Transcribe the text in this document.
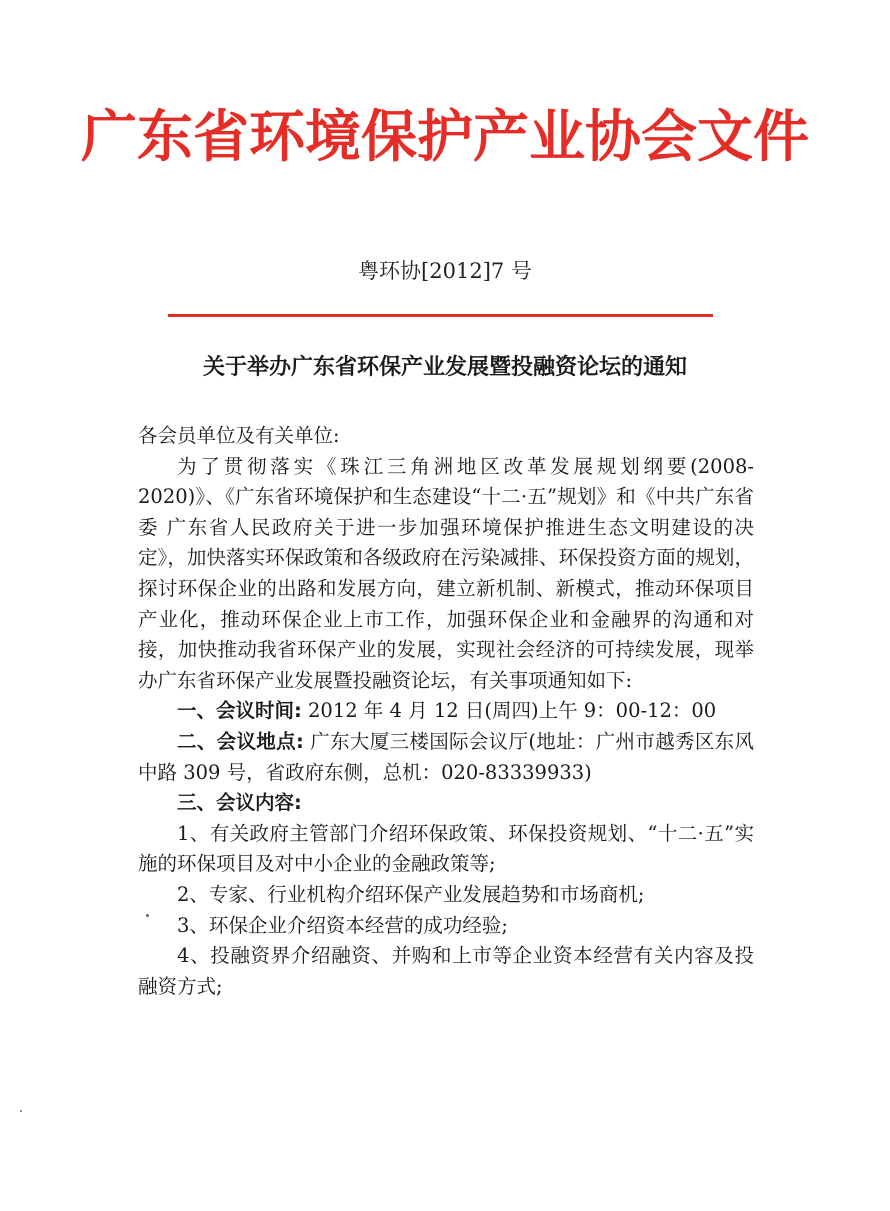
广东省环境保护产业协会文件
粤环协[2012]7 号
关于举办广东省环保产业发展暨投融资论坛的通知

各会员单位及有关单位:

为了贯彻落实《珠江三角洲地区改革发展规划纲要(2008-2020)》、《广东省环境保护和生态建设“十二·五”规划》和《中共广东省委 广东省人民政府关于进一步加强环境保护推进生态文明建设的决定》，加快落实环保政策和各级政府在污染减排、环保投资方面的规划，探讨环保企业的出路和发展方向，建立新机制、新模式，推动环保项目产业化，推动环保企业上市工作，加强环保企业和金融界的沟通和对接，加快推动我省环保产业的发展，实现社会经济的可持续发展，现举办广东省环保产业发展暨投融资论坛，有关事项通知如下:

一、会议时间: 2012 年 4 月 12 日(周四)上午 9：00-12：00

二、会议地点: 广东大厦三楼国际会议厅(地址：广州市越秀区东风中路 309 号，省政府东侧，总机：020-83339933)

三、会议内容:

1、有关政府主管部门介绍环保政策、环保投资规划、“十二·五”实施的环保项目及对中小企业的金融政策等;

2、专家、行业机构介绍环保产业发展趋势和市场商机;

3、环保企业介绍资本经营的成功经验;

4、投融资界介绍融资、并购和上市等企业资本经营有关内容及投融资方式;
